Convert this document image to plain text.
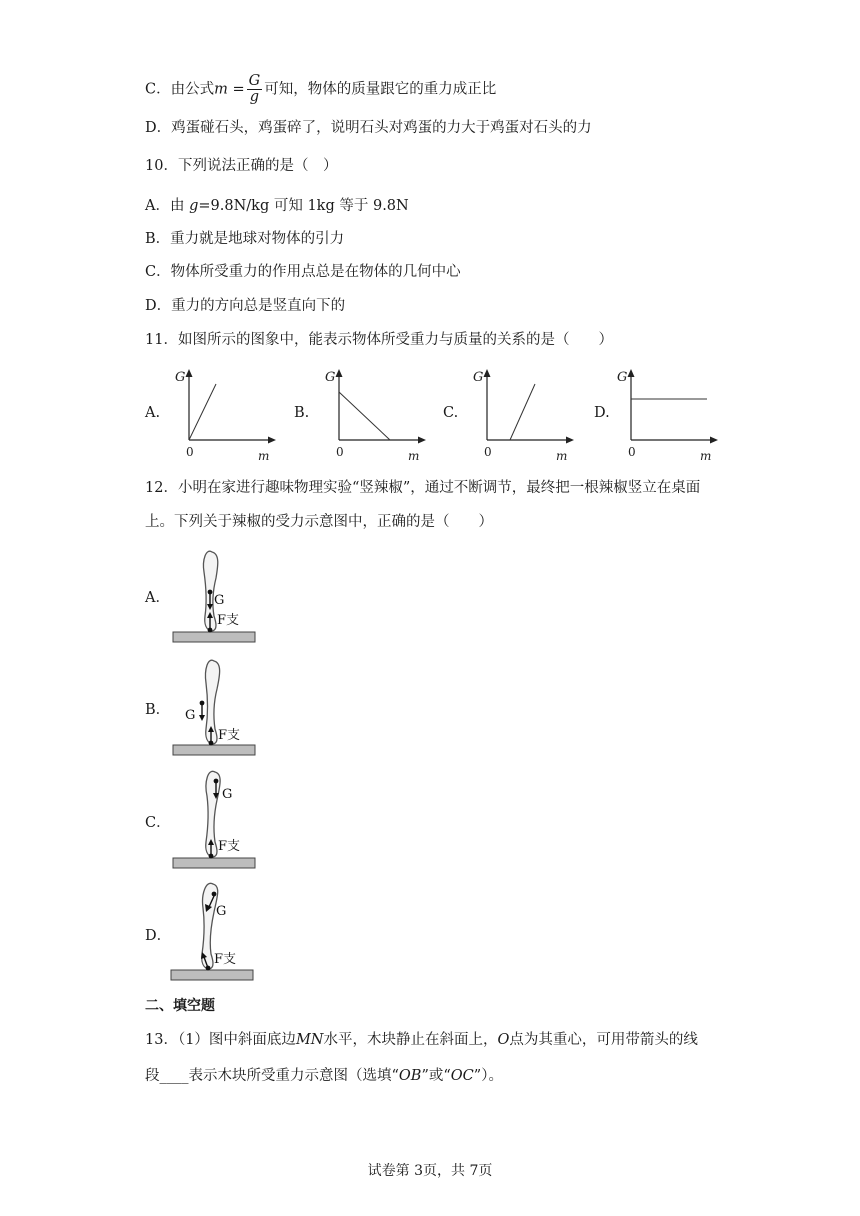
C．由公式$m = \frac{G}{g}$ 可知，物体的质量跟它的重力成正比
D．鸡蛋碰石头，鸡蛋碎了，说明石头对鸡蛋的力大于鸡蛋对石头的力
10．下列说法正确的是（　）
A．由 g=9.8N/kg 可知 1kg 等于 9.8N
B．重力就是地球对物体的引力
C．物体所受重力的作用点总是在物体的几何中心
D．重力的方向总是竖直向下的
11．如图所示的图象中，能表示物体所受重力与质量的关系的是（　　）
A.
G
0	m
B.
G
0	m
C.
G
0	m
D.
G
0	m
12．小明在家进行趣味物理实验“竖辣椒”，通过不断调节，最终把一根辣椒竖立在桌面
上。下列关于辣椒的受力示意图中，正确的是（　　）
A．	G
F支
B． G
F支
C．
G
F支
D．
G
F支
二、填空题
13．（1）图中斜面底边MN水平，木块静止在斜面上，O点为其重心，可用带箭头的线
段____表示木块所受重力示意图（选填“OB”或“OC”）。
试卷第 3页，共 7页
